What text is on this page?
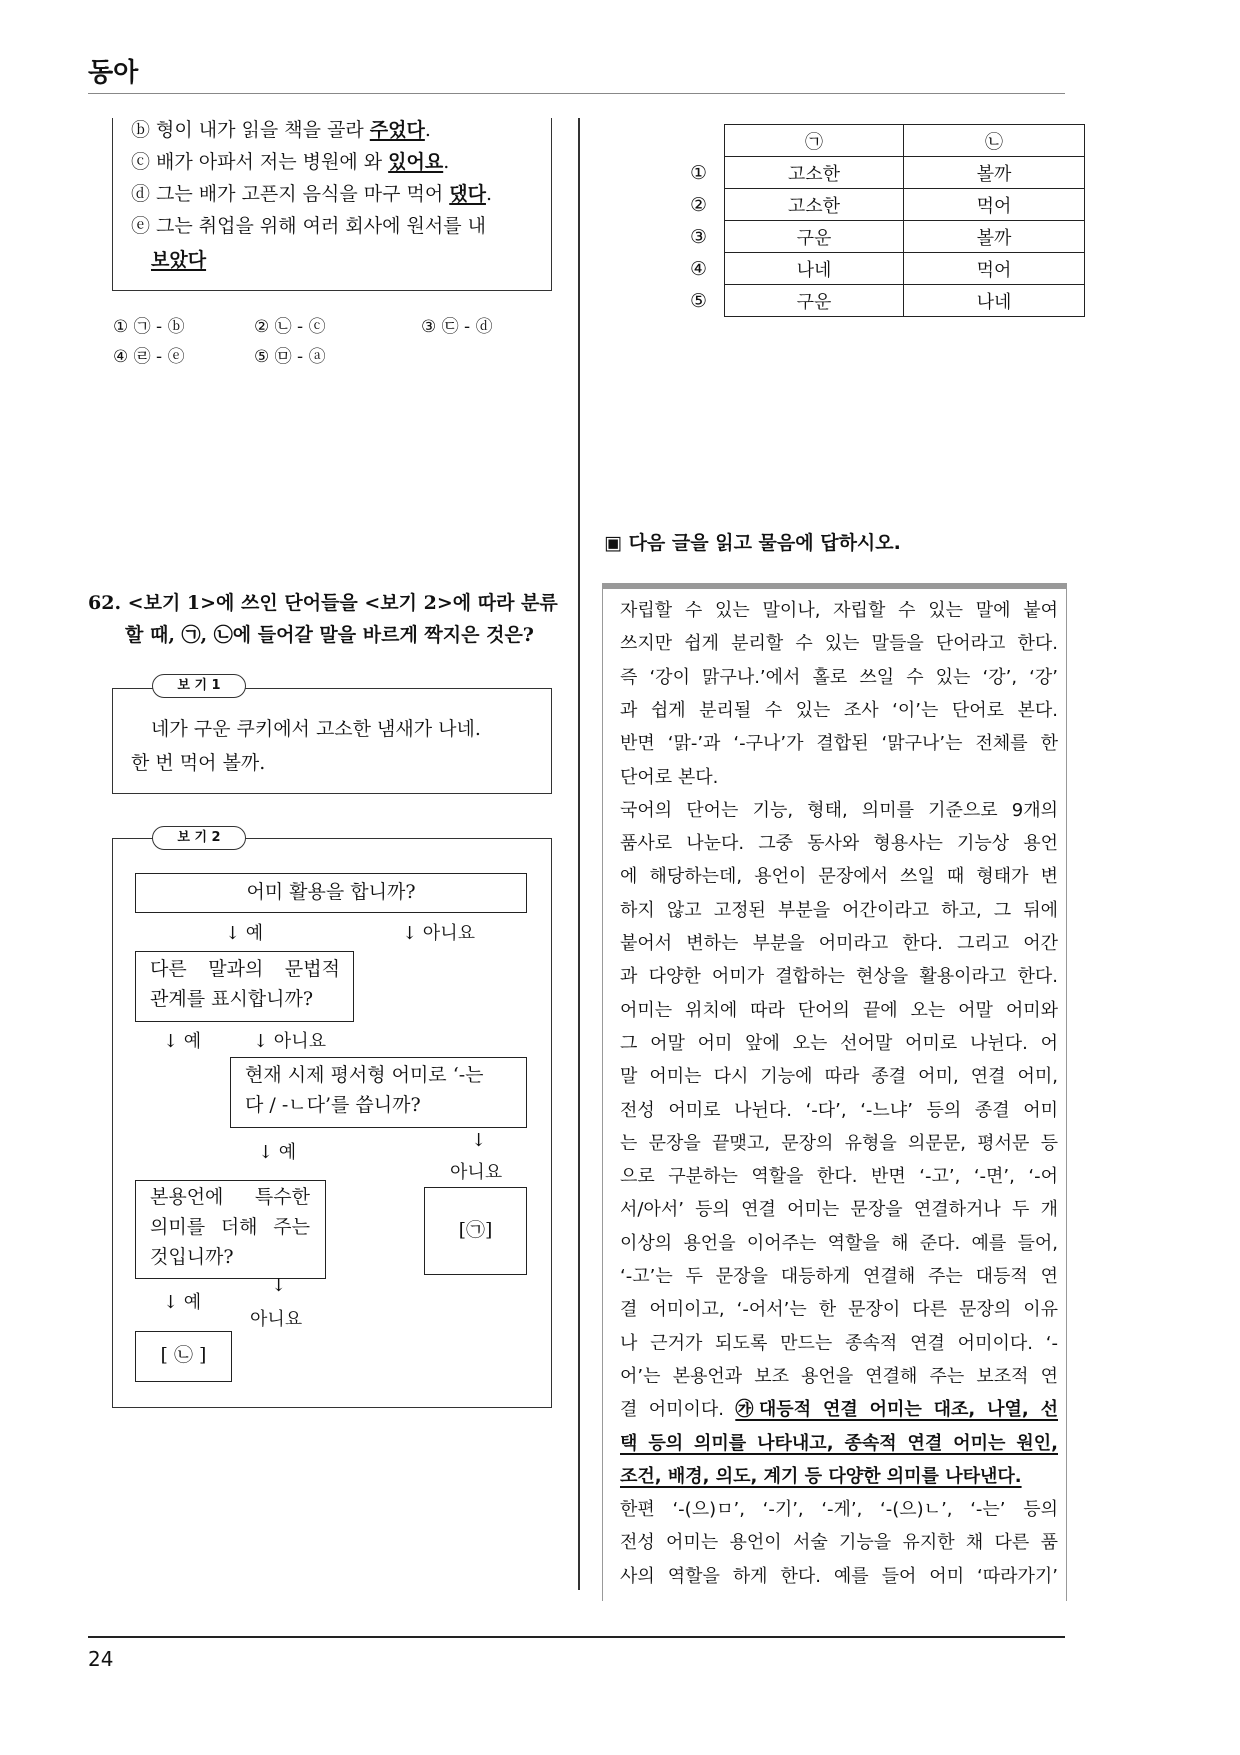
동아
ⓑ 형이 내가 읽을 책을 골라 주었다.
ⓒ 배가 아파서 저는 병원에 와 있어요.
ⓓ 그는 배가 고픈지 음식을 마구 먹어 댔다.
ⓔ 그는 취업을 위해 여러 회사에 원서를 내
보았다
① ㉠ - ⓑ	② ㉡ - ⓒ	③ ㉢ - ⓓ
④ ㉣ - ⓔ	⑤ ㉤ - ⓐ
62. <보기 1>에 쓰인 단어들을 <보기 2>에 따라 분류
할 때, ㉠, ㉡에 들어갈 말을 바르게 짝지은 것은?
보 기 1
네가 구운 쿠키에서 고소한 냄새가 나네.
한 번 먹어 볼까.
보 기 2
어미 활용을 합니까?
↓ 예	↓ 아니요
다른 말과의 문법적
관계를 표시합니까?
↓ 예	↓ 아니요
현재 시제 평서형 어미로 ‘-는
다 / -ㄴ다’를 씁니까?
↓ 예
↓
아니요
본용언에 특수한
의미를 더해 주는
것입니까?
[㉠]
↓ 예
↓
아니요
[ ㉡ ]
	㉠	㉡
①	고소한	볼까
②	고소한	먹어
③	구운	볼까
④	나네	먹어
⑤	구운	나네
▣ 다음 글을 읽고 물음에 답하시오.
자립할 수 있는 말이나, 자립할 수 있는 말에 붙여
쓰지만 쉽게 분리할 수 있는 말들을 단어라고 한다.
즉 ‘강이 맑구나.’에서 홀로 쓰일 수 있는 ‘강’, ‘강’
과 쉽게 분리될 수 있는 조사 ‘이’는 단어로 본다.
반면 ‘맑-’과 ‘-구나’가 결합된 ‘맑구나’는 전체를 한
단어로 본다.
국어의 단어는 기능, 형태, 의미를 기준으로 9개의
품사로 나눈다. 그중 동사와 형용사는 기능상 용언
에 해당하는데, 용언이 문장에서 쓰일 때 형태가 변
하지 않고 고정된 부분을 어간이라고 하고, 그 뒤에
붙어서 변하는 부분을 어미라고 한다. 그리고 어간
과 다양한 어미가 결합하는 현상을 활용이라고 한다.
어미는 위치에 따라 단어의 끝에 오는 어말 어미와
그 어말 어미 앞에 오는 선어말 어미로 나뉜다. 어
말 어미는 다시 기능에 따라 종결 어미, 연결 어미,
전성 어미로 나뉜다. ‘-다’, ‘-느냐’ 등의 종결 어미
는 문장을 끝맺고, 문장의 유형을 의문문, 평서문 등
으로 구분하는 역할을 한다. 반면 ‘-고’, ‘-면’, ‘-어
서/아서’ 등의 연결 어미는 문장을 연결하거나 두 개
이상의 용언을 이어주는 역할을 해 준다. 예를 들어,
‘-고’는 두 문장을 대등하게 연결해 주는 대등적 연
결 어미이고, ‘-어서’는 한 문장이 다른 문장의 이유
나 근거가 되도록 만드는 종속적 연결 어미이다. ‘-
어’는 본용언과 보조 용언을 연결해 주는 보조적 연
결 어미이다. ㉮대등적 연결 어미는 대조, 나열, 선
택 등의 의미를 나타내고, 종속적 연결 어미는 원인,
조건, 배경, 의도, 계기 등 다양한 의미를 나타낸다.
한편 ‘-(으)ㅁ’, ‘-기’, ‘-게’, ‘-(으)ㄴ’, ‘-는’ 등의
전성 어미는 용언이 서술 기능을 유지한 채 다른 품
사의 역할을 하게 한다. 예를 들어 어미 ‘따라가기’
24
